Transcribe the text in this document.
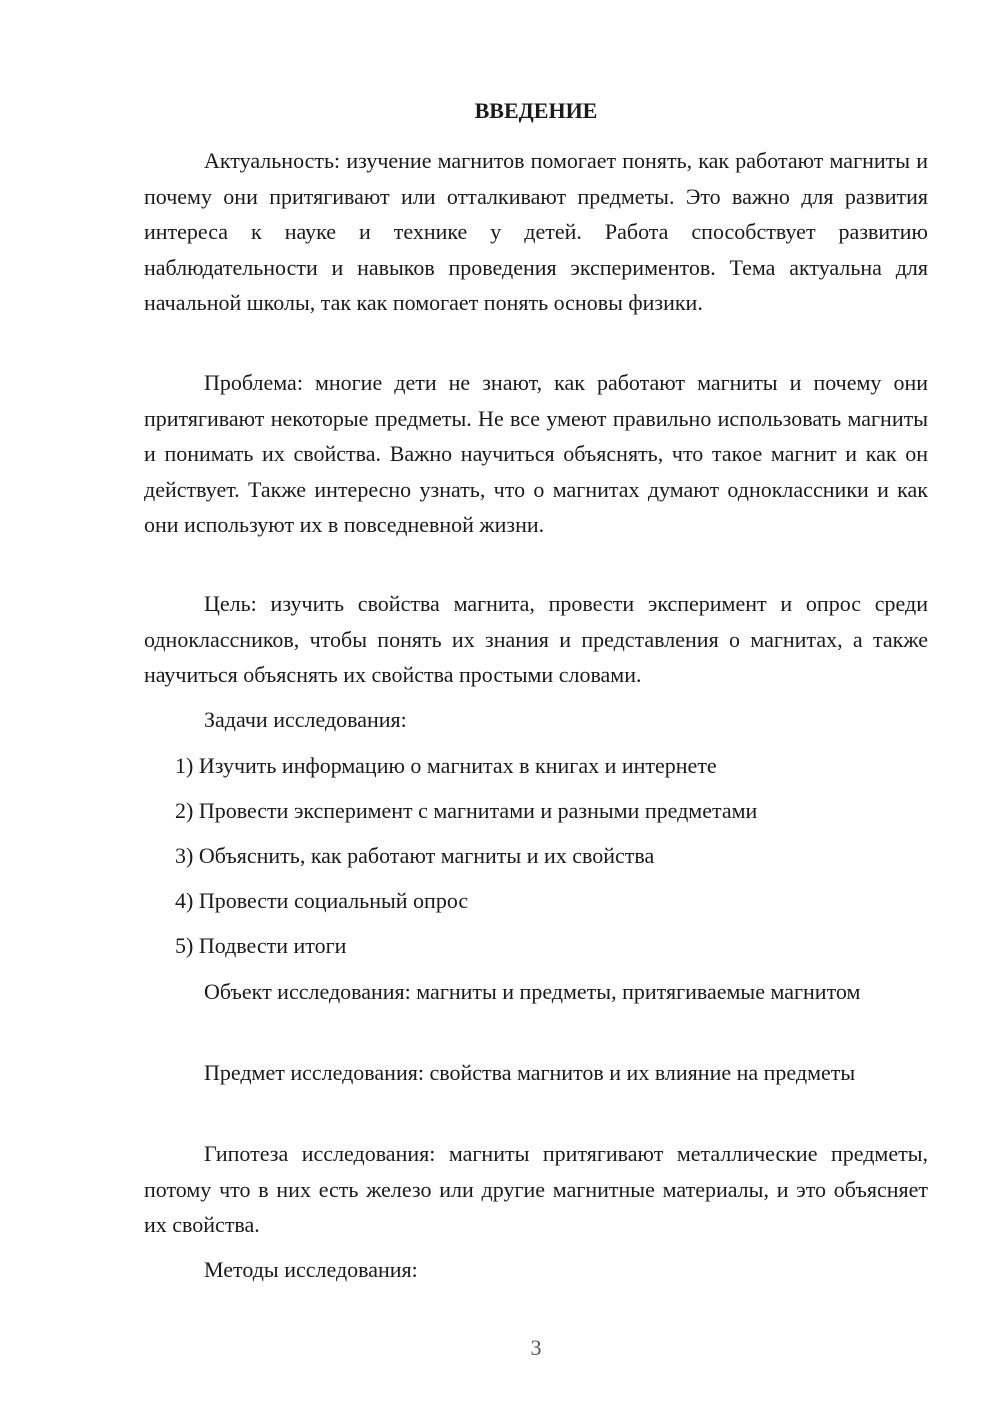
ВВЕДЕНИЕ

Актуальность: изучение магнитов помогает понять, как работают магниты и почему они притягивают или отталкивают предметы. Это важно для развития интереса к науке и технике у детей. Работа способствует развитию наблюдательности и навыков проведения экспериментов. Тема актуальна для начальной школы, так как помогает понять основы физики.

Проблема: многие дети не знают, как работают магниты и почему они притягивают некоторые предметы. Не все умеют правильно использовать магниты и понимать их свойства. Важно научиться объяснять, что такое магнит и как он действует. Также интересно узнать, что о магнитах думают одноклассники и как они используют их в повседневной жизни.

Цель: изучить свойства магнита, провести эксперимент и опрос среди одноклассников, чтобы понять их знания и представления о магнитах, а также научиться объяснять их свойства простыми словами.

Задачи исследования:

1) Изучить информацию о магнитах в книгах и интернете

2) Провести эксперимент с магнитами и разными предметами

3) Объяснить, как работают магниты и их свойства

4) Провести социальный опрос

5) Подвести итоги

Объект исследования: магниты и предметы, притягиваемые магнитом

Предмет исследования: свойства магнитов и их влияние на предметы

Гипотеза исследования: магниты притягивают металлические предметы, потому что в них есть железо или другие магнитные материалы, и это объясняет их свойства.

Методы исследования:

3
